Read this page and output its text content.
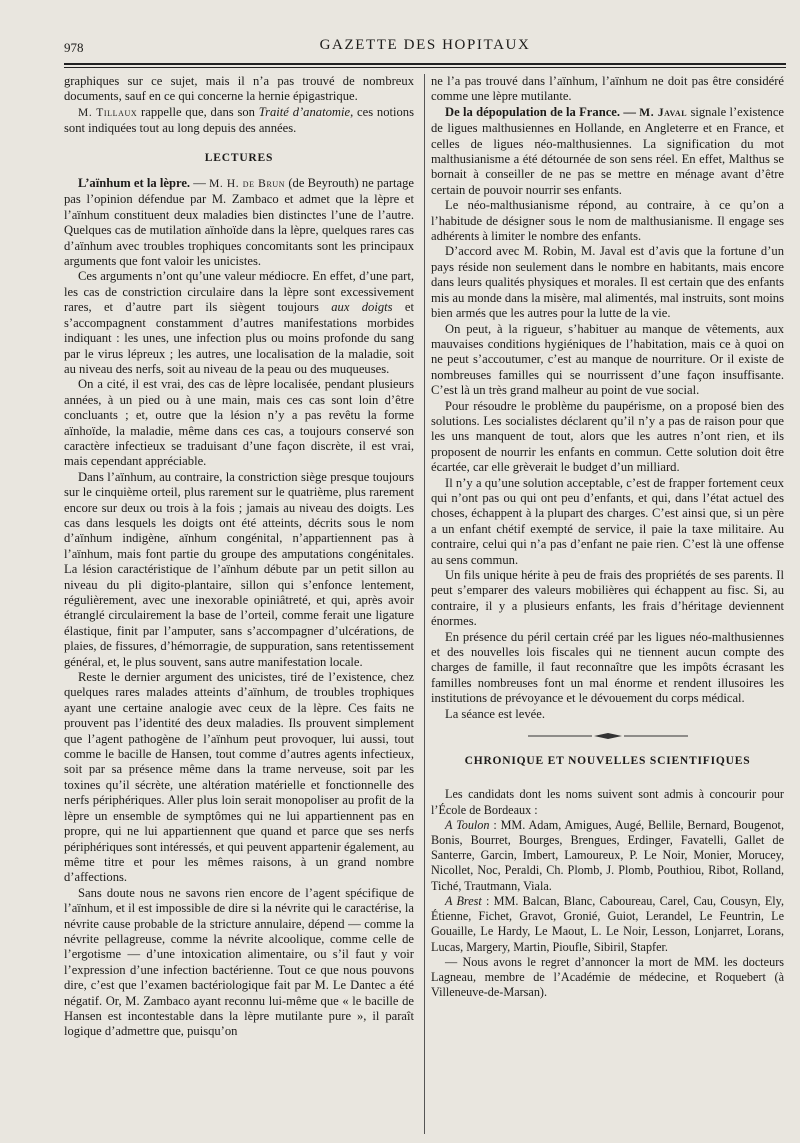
978	GAZETTE DES HOPITAUX

graphiques sur ce sujet, mais il n’a pas trouvé de nombreux documents, sauf en ce qui concerne la hernie épigastrique.

M. Tillaux rappelle que, dans son Traité d’anatomie, ces notions sont indiquées tout au long depuis des années.

LECTURES

L’aïnhum et la lèpre. — M. H. de Brun (de Beyrouth) ne partage pas l’opinion défendue par M. Zambaco et admet que la lèpre et l’aïnhum constituent deux maladies bien distinctes l’une de l’autre. Quelques cas de mutilation aïnhoïde dans la lèpre, quelques rares cas d’aïnhum avec troubles trophiques concomitants sont les principaux arguments que font valoir les unicistes.

Ces arguments n’ont qu’une valeur médiocre. En effet, d’une part, les cas de constriction circulaire dans la lèpre sont excessivement rares, et d’autre part ils siègent toujours aux doigts et s’accompagnent constamment d’autres manifestations morbides indiquant : les unes, une infection plus ou moins profonde du sang par le virus lépreux ; les autres, une localisation de la maladie, soit au niveau des nerfs, soit au niveau de la peau ou des muqueuses.

On a cité, il est vrai, des cas de lèpre localisée, pendant plusieurs années, à un pied ou à une main, mais ces cas sont loin d’être concluants ; et, outre que la lésion n’y a pas revêtu la forme aïnhoïde, la maladie, même dans ces cas, a toujours conservé son caractère infectieux se traduisant d’une façon discrète, il est vrai, mais cependant appréciable.

Dans l’aïnhum, au contraire, la constriction siège presque toujours sur le cinquième orteil, plus rarement sur le quatrième, plus rarement encore sur deux ou trois à la fois ; jamais au niveau des doigts. Les cas dans lesquels les doigts ont été atteints, décrits sous le nom d’aïnhum indigène, aïnhum congénital, n’appartiennent pas à l’aïnhum, mais font partie du groupe des amputations congénitales. La lésion caractéristique de l’aïnhum débute par un petit sillon au niveau du pli digito-plantaire, sillon qui s’enfonce lentement, régulièrement, avec une inexorable opiniâtreté, et qui, après avoir étranglé circulairement la base de l’orteil, comme ferait une ligature élastique, finit par l’amputer, sans s’accompagner d’ulcérations, de plaies, de fissures, d’hémorragie, de suppuration, sans retentissement général, et, le plus souvent, sans autre manifestation locale.

Reste le dernier argument des unicistes, tiré de l’existence, chez quelques rares malades atteints d’aïnhum, de troubles trophiques ayant une certaine analogie avec ceux de la lèpre. Ces faits ne prouvent pas l’identité des deux maladies. Ils prouvent simplement que l’agent pathogène de l’aïnhum peut provoquer, lui aussi, tout comme le bacille de Hansen, tout comme d’autres agents infectieux, soit par sa présence même dans la trame nerveuse, soit par les toxines qu’il sécrète, une altération matérielle et fonctionnelle des nerfs périphériques. Aller plus loin serait monopoliser au profit de la lèpre un ensemble de symptômes qui ne lui appartiennent pas en propre, qui ne lui appartiennent que quand et parce que ses nerfs périphériques sont intéressés, et qui peuvent appartenir également, au même titre et pour les mêmes raisons, à un grand nombre d’affections.

Sans doute nous ne savons rien encore de l’agent spécifique de l’aïnhum, et il est impossible de dire si la névrite qui le caractérise, la névrite cause probable de la stricture annulaire, dépend — comme la névrite pellagreuse, comme la névrite alcoolique, comme celle de l’ergotisme — d’une intoxication alimentaire, ou s’il faut y voir l’expression d’une infection bactérienne. Tout ce que nous pouvons dire, c’est que l’examen bactériologique fait par M. Le Dantec a été négatif. Or, M. Zambaco ayant reconnu lui-même que « le bacille de Hansen est incontestable dans la lèpre mutilante pure », il paraît logique d’admettre que, puisqu’on

ne l’a pas trouvé dans l’aïnhum, l’aïnhum ne doit pas être considéré comme une lèpre mutilante.

De la dépopulation de la France. — M. Javal signale l’existence de ligues malthusiennes en Hollande, en Angleterre et en France, et celles de ligues néo-malthusiennes. La signification du mot malthusianisme a été détournée de son sens réel. En effet, Malthus se bornait à conseiller de ne pas se mettre en ménage avant d’être certain de pouvoir nourrir ses enfants.

Le néo-malthusianisme répond, au contraire, à ce qu’on a l’habitude de désigner sous le nom de malthusianisme. Il engage ses adhérents à limiter le nombre des enfants.

D’accord avec M. Robin, M. Javal est d’avis que la fortune d’un pays réside non seulement dans le nombre en habitants, mais encore dans leurs qualités physiques et morales. Il est certain que des enfants mis au monde dans la misère, mal alimentés, mal instruits, sont moins bien armés que les autres pour la lutte de la vie.

On peut, à la rigueur, s’habituer au manque de vêtements, aux mauvaises conditions hygiéniques de l’habitation, mais ce à quoi on ne peut s’accoutumer, c’est au manque de nourriture. Or il existe de nombreuses familles qui se nourrissent d’une façon insuffisante. C’est là un très grand malheur au point de vue social.

Pour résoudre le problème du paupérisme, on a proposé bien des solutions. Les socialistes déclarent qu’il n’y a pas de raison pour que les uns manquent de tout, alors que les autres n’ont rien, et ils proposent de nourrir les enfants en commun. Cette solution doit être écartée, car elle grèverait le budget d’un milliard.

Il n’y a qu’une solution acceptable, c’est de frapper fortement ceux qui n’ont pas ou qui ont peu d’enfants, et qui, dans l’état actuel des choses, échappent à la plupart des charges. C’est ainsi que, si un père a un enfant chétif exempté de service, il paie la taxe militaire. Au contraire, celui qui n’a pas d’enfant ne paie rien. C’est là une offense au sens commun.

Un fils unique hérite à peu de frais des propriétés de ses parents. Il peut s’emparer des valeurs mobilières qui échappent au fisc. Si, au contraire, il y a plusieurs enfants, les frais d’héritage deviennent énormes.

En présence du péril certain créé par les ligues néo-malthusiennes et des nouvelles lois fiscales qui ne tiennent aucun compte des charges de famille, il faut reconnaître que les impôts écrasant les familles nombreuses font un mal énorme et rendent illusoires les institutions de prévoyance et le dévouement du corps médical.

La séance est levée.

CHRONIQUE ET NOUVELLES SCIENTIFIQUES

Les candidats dont les noms suivent sont admis à concourir pour l’École de Bordeaux :

A Toulon : MM. Adam, Amigues, Augé, Bellile, Bernard, Bougenot, Bonis, Bourret, Bourges, Brengues, Erdinger, Favatelli, Gallet de Santerre, Garcin, Imbert, Lamoureux, P. Le Noir, Monier, Morucey, Nicollet, Noc, Peraldi, Ch. Plomb, J. Plomb, Pouthiou, Ribot, Rolland, Tiché, Trautmann, Viala.

A Brest : MM. Balcan, Blanc, Caboureau, Carel, Cau, Cousyn, Ely, Étienne, Fichet, Gravot, Gronié, Guiot, Lerandel, Le Feuntrin, Le Gouaille, Le Hardy, Le Maout, L. Le Noir, Lesson, Lonjarret, Lorans, Lucas, Margery, Martin, Pioufle, Sibiril, Stapfer.

— Nous avons le regret d’annoncer la mort de MM. les docteurs Lagneau, membre de l’Académie de médecine, et Roquebert (à Villeneuve-de-Marsan).
